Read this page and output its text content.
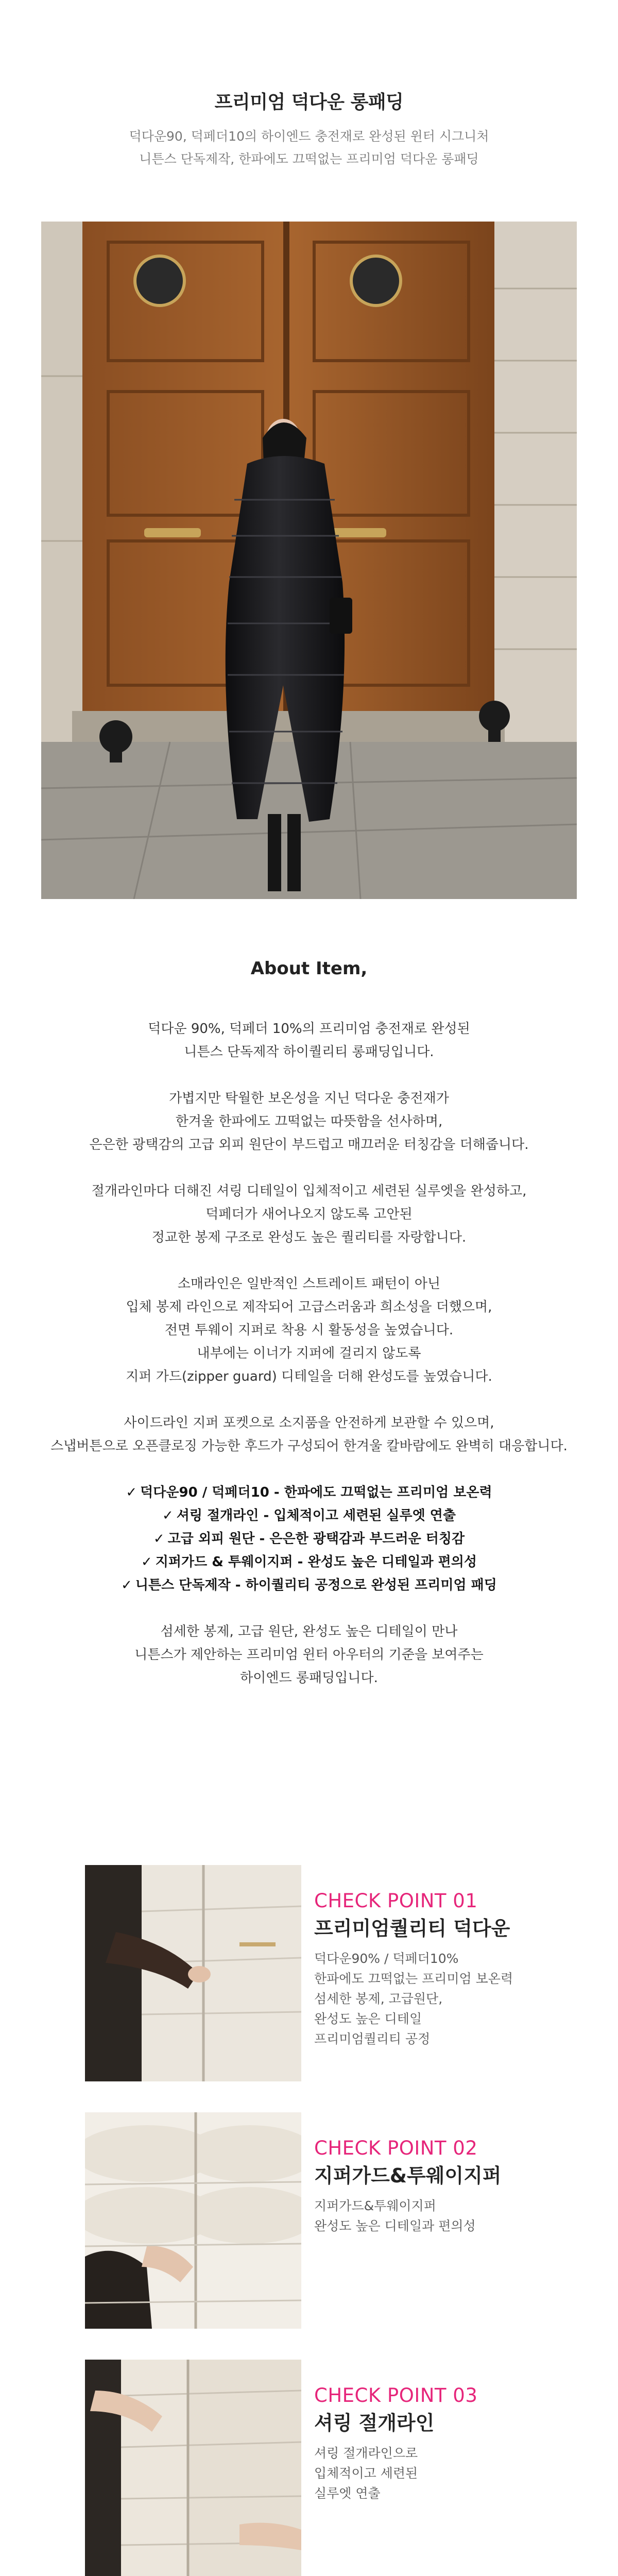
프리미엄 덕다운 롱패딩

덕다운90, 덕페더10의 하이엔드 충전재로 완성된 윈터 시그니처
니튼스 단독제작, 한파에도 끄떡없는 프리미엄 덕다운 롱패딩

About Item,

덕다운 90%, 덕페더 10%의 프리미엄 충전재로 완성된
니튼스 단독제작 하이퀄리티 롱패딩입니다.

가볍지만 탁월한 보온성을 지닌 덕다운 충전재가
한겨울 한파에도 끄떡없는 따뜻함을 선사하며,
은은한 광택감의 고급 외피 원단이 부드럽고 매끄러운 터칭감을 더해줍니다.

절개라인마다 더해진 셔링 디테일이 입체적이고 세련된 실루엣을 완성하고,
덕페더가 새어나오지 않도록 고안된
정교한 봉제 구조로 완성도 높은 퀄리티를 자랑합니다.

소매라인은 일반적인 스트레이트 패턴이 아닌
입체 봉제 라인으로 제작되어 고급스러움과 희소성을 더했으며,
전면 투웨이 지퍼로 착용 시 활동성을 높였습니다.
내부에는 이너가 지퍼에 걸리지 않도록
지퍼 가드(zipper guard) 디테일을 더해 완성도를 높였습니다.

사이드라인 지퍼 포켓으로 소지품을 안전하게 보관할 수 있으며,
스냅버튼으로 오픈클로징 가능한 후드가 구성되어 한겨울 칼바람에도 완벽히 대응합니다.

✓ 덕다운90 / 덕페더10 - 한파에도 끄떡없는 프리미엄 보온력
✓ 셔링 절개라인 - 입체적이고 세련된 실루엣 연출
✓ 고급 외피 원단 - 은은한 광택감과 부드러운 터칭감
✓ 지퍼가드 & 투웨이지퍼 - 완성도 높은 디테일과 편의성
✓ 니튼스 단독제작 - 하이퀄리티 공정으로 완성된 프리미엄 패딩

섬세한 봉제, 고급 원단, 완성도 높은 디테일이 만나
니튼스가 제안하는 프리미엄 윈터 아우터의 기준을 보여주는
하이엔드 롱패딩입니다.

CHECK POINT 01
프리미엄퀄리티 덕다운
덕다운90% / 덕페더10%
한파에도 끄떡없는 프리미엄 보온력
섬세한 봉제, 고급원단,
완성도 높은 디테일
프리미엄퀄리티 공정
CHECK POINT 02
지퍼가드&투웨이지퍼
지퍼가드&투웨이지퍼
완성도 높은 디테일과 편의성
CHECK POINT 03
셔링 절개라인
셔링 절개라인으로
입체적이고 세련된
실루엣 연출
